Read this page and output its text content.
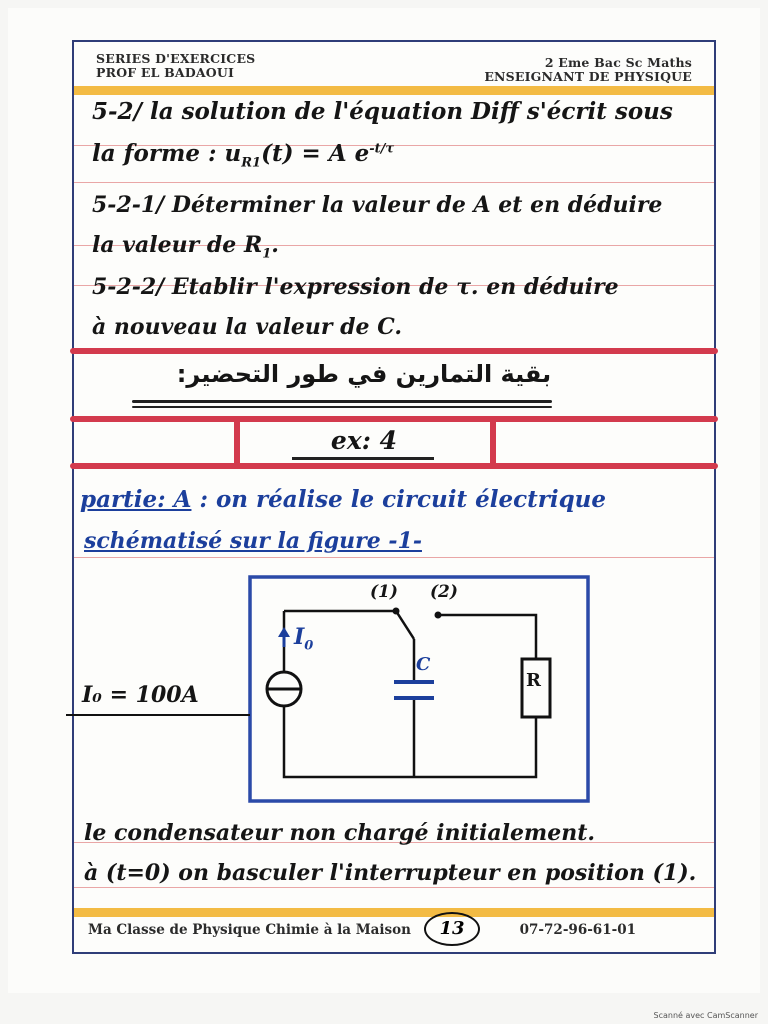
SERIES D'EXERCICES
PROF EL BADAOUI
2 Eme Bac Sc Maths
ENSEIGNANT DE PHYSIQUE
5-2/ la solution de l'équation Diff s'écrit sous
la forme : $u_{R1}(t) = A$ $e^{-t/\tau}$
5-2-1/ Déterminer la valeur de A et en déduire
la valeur de $R_1$.
5-2-2/ Etablir l'expression de τ. en déduire
à nouveau la valeur de C.
بقية التمارين في طور التحضير:
ex: 4
partie: A : on réalise le circuit électrique
schématisé sur la figure -1-
(1) (2)
$I_0$
C
R
I₀ = 100A
le condensateur non chargé initialement.
à (t=0) on basculer l'interrupteur en position (1).
Ma Classe de Physique Chimie à la Maison	13	07-72-96-61-01
Scanné avec CamScanner
